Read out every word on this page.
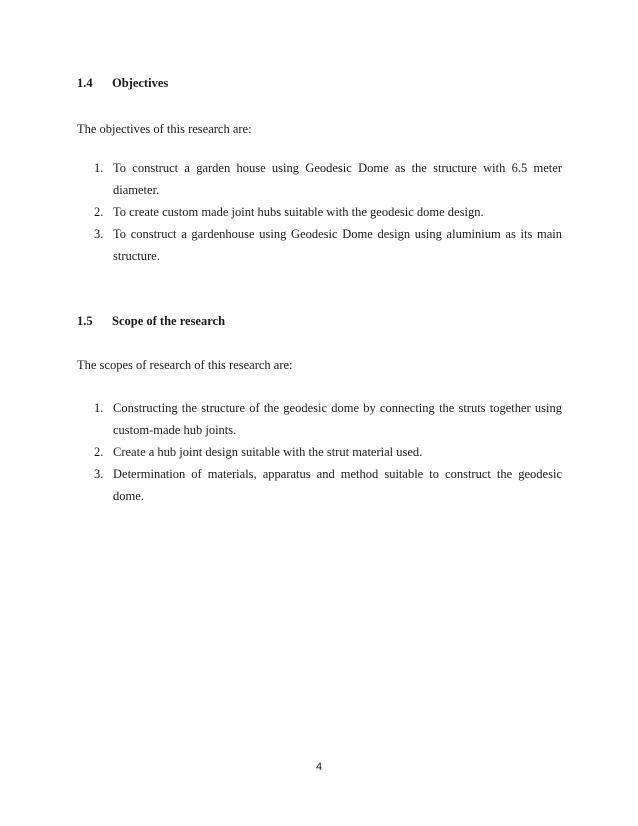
1.4	Objectives
The objectives of this research are:
1. To construct a garden house using Geodesic Dome as the structure with 6.5 meter diameter.
2. To create custom made joint hubs suitable with the geodesic dome design.
3. To construct a gardenhouse using Geodesic Dome design using aluminium as its main structure.
1.5	Scope of the research
The scopes of research of this research are:
1. Constructing the structure of the geodesic dome by connecting the struts together using custom-made hub joints.
2. Create a hub joint design suitable with the strut material used.
3. Determination of materials, apparatus and method suitable to construct the geodesic dome.
4
